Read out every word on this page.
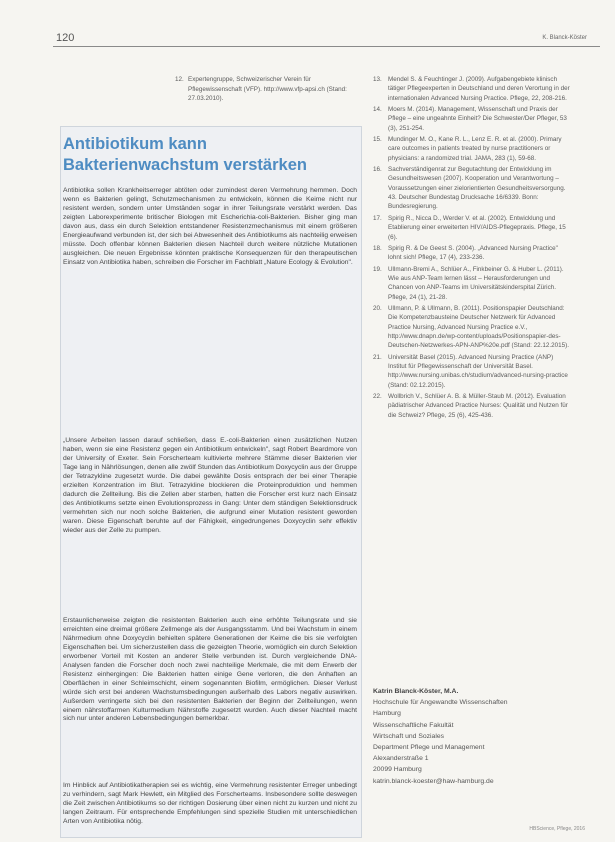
120	K. Blanck-Köster
12. Expertengruppe, Schweizerischer Verein für Pflegewissenschaft (VFP). http://www.vfp-apsi.ch (Stand: 27.03.2010).
Antibiotikum kann Bakterienwachstum verstärken

Antibiotika sollen Krankheitserreger abtöten oder zumindest deren Vermehrung hemmen. Doch wenn es Bakterien gelingt, Schutzmechanismen zu entwickeln, können die Keime nicht nur resistent werden, sondern unter Umständen sogar in ihrer Teilungsrate verstärkt werden. Das zeigten Laborexperimente britischer Biologen mit Escherichia-coli-Bakterien. Bisher ging man davon aus, dass ein durch Selektion entstandener Resistenzmechanismus mit einem größeren Energieaufwand verbunden ist, der sich bei Abwesenheit des Antibiotikums als nachteilig erweisen müsste. Doch offenbar können Bakterien diesen Nachteil durch weitere nützliche Mutationen ausgleichen. Die neuen Ergebnisse könnten praktische Konsequenzen für den therapeutischen Einsatz von Antibiotika haben, schreiben die Forscher im Fachblatt „Nature Ecology & Evolution".

„Unsere Arbeiten lassen darauf schließen, dass E.-coli-Bakterien einen zusätzlichen Nutzen haben, wenn sie eine Resistenz gegen ein Antibiotikum entwickeln", sagt Robert Beardmore von der University of Exeter. Sein Forscherteam kultivierte mehrere Stämme dieser Bakterien vier Tage lang in Nährlösungen, denen alle zwölf Stunden das Antibiotikum Doxycyclin aus der Gruppe der Tetrazykline zugesetzt wurde. Die dabei gewählte Dosis entsprach der bei einer Therapie erzielten Konzentration im Blut. Tetrazykline blockieren die Proteinproduktion und hemmen dadurch die Zellteilung. Bis die Zellen aber starben, hatten die Forscher erst kurz nach Einsatz des Antibiotikums setzte einen Evolutionsprozess in Gang: Unter dem ständigen Selektionsdruck vermehrten sich nur noch solche Bakterien, die aufgrund einer Mutation resistent geworden waren. Diese Eigenschaft beruhte auf der Fähigkeit, eingedrungenes Doxycyclin sehr effektiv wieder aus der Zelle zu pumpen.

Erstaunlicherweise zeigten die resistenten Bakterien auch eine erhöhte Teilungsrate und sie erreichten eine dreimal größere Zellmenge als der Ausgangsstamm. Und bei Wachstum in einem Nährmedium ohne Doxycyclin behielten spätere Generationen der Keime die bis sie verfolgten Eigenschaften bei. Um sicherzustellen dass die gezeigten Theorie, womöglich ein durch Selektion erworbener Vorteil mit Kosten an anderer Stelle verbunden ist. Durch vergleichende DNA-Analysen fanden die Forscher doch noch zwei nachteilige Merkmale, die mit dem Erwerb der Resistenz einhergingen: Die Bakterien hatten einige Gene verloren, die den Anhaften an Oberflächen in einer Schleimschicht, einem sogenannten Biofilm, ermöglichen. Dieser Verlust würde sich erst bei anderen Wachstumsbedingungen außerhalb des Labors negativ auswirken. Außerdem verringerte sich bei den resistenten Bakterien der Beginn der Zellteilungen, wenn einem nährstoffarmen Kulturmedium Nährstoffe zugesetzt wurden. Auch dieser Nachteil macht sich nur unter anderen Lebensbedingungen bemerkbar.

Im Hinblick auf Antibiotikatherapien sei es wichtig, eine Vermehrung resistenter Erreger unbedingt zu verhindern, sagt Mark Hewlett, ein Mitglied des Forscherteams. Insbesondere sollte deswegen die Zeit zwischen Antibiotikums so der richtigen Dosierung über einen nicht zu kurzen und nicht zu langen Zeitraum. Für entsprechende Empfehlungen sind spezielle Studien mit unterschiedlichen Arten von Antibiotika nötig.

13. Mendel S. & Feuchtinger J. (2009). Aufgabengebiete klinisch tätiger Pflegeexperten in Deutschland und deren Verortung in der internationalen Advanced Nursing Practice. Pflege, 22, 208-216.
14. Moers M. (2014). Management, Wissenschaft und Praxis der Pflege – eine ungeahnte Einheit? Die Schwester/Der Pfleger, 53 (3), 251-254.
15. Mundinger M. O., Kane R. L., Lenz E. R. et al. (2000). Primary care outcomes in patients treated by nurse practitioners or physicians: a randomized trial. JAMA, 283 (1), 59-68.
16. Sachverständigenrat zur Begutachtung der Entwicklung im Gesundheitswesen (2007). Kooperation und Verantwortung – Voraussetzungen einer zielorientierten Gesundheitsversorgung. 43. Deutscher Bundestag Drucksache 16/6339. Bonn: Bundesregierung.
17. Spirig R., Nicca D., Werder V. et al. (2002). Entwicklung und Etablierung einer erweiterten HIV/AIDS-Pflegepraxis. Pflege, 15 (6).
18. Spirig R. & De Geest S. (2004). „Advanced Nursing Practice" lohnt sich! Pflege, 17 (4), 233-236.
19. Ullmann-Bremi A., Schlüer A., Finkbeiner G. & Huber L. (2011). Wie aus ANP-Team lernen lässt – Herausforderungen und Chancen von ANP-Teams im Universitätskinderspital Zürich. Pflege, 24 (1), 21-28.
20. Ullmann, P. & Ullmann, B. (2011). Positionspapier Deutschland: Die Kompetenzbausteine Deutscher Netzwerk für Advanced Practice Nursing, Advanced Nursing Practice e.V., http://www.dnapn.de/wp-content/uploads/Positionspapier-des-Deutschen-Netzwerkes-APN-ANP%20e.pdf (Stand: 22.12.2015).
21. Universität Basel (2015). Advanced Nursing Practice (ANP) Institut für Pflegewissenschaft der Universität Basel. http://www.nursing.unibas.ch/studium/advanced-nursing-practice (Stand: 02.12.2015).
22. Wollbrich V., Schlüer A. B. & Müller-Staub M. (2012). Evaluation pädiatrischer Advanced Practice Nurses: Qualität und Nutzen für die Schweiz? Pflege, 25 (6), 425-436.
Katrin Blanck-Köster, M.A.
Hochschule für Angewandte Wissenschaften
Hamburg
Wissenschaftliche Fakultät
Wirtschaft und Soziales
Department Pflege und Management
Alexanderstraße 1
20099 Hamburg
katrin.blanck-koester@haw-hamburg.de
HBScience, Pflege, 2016
